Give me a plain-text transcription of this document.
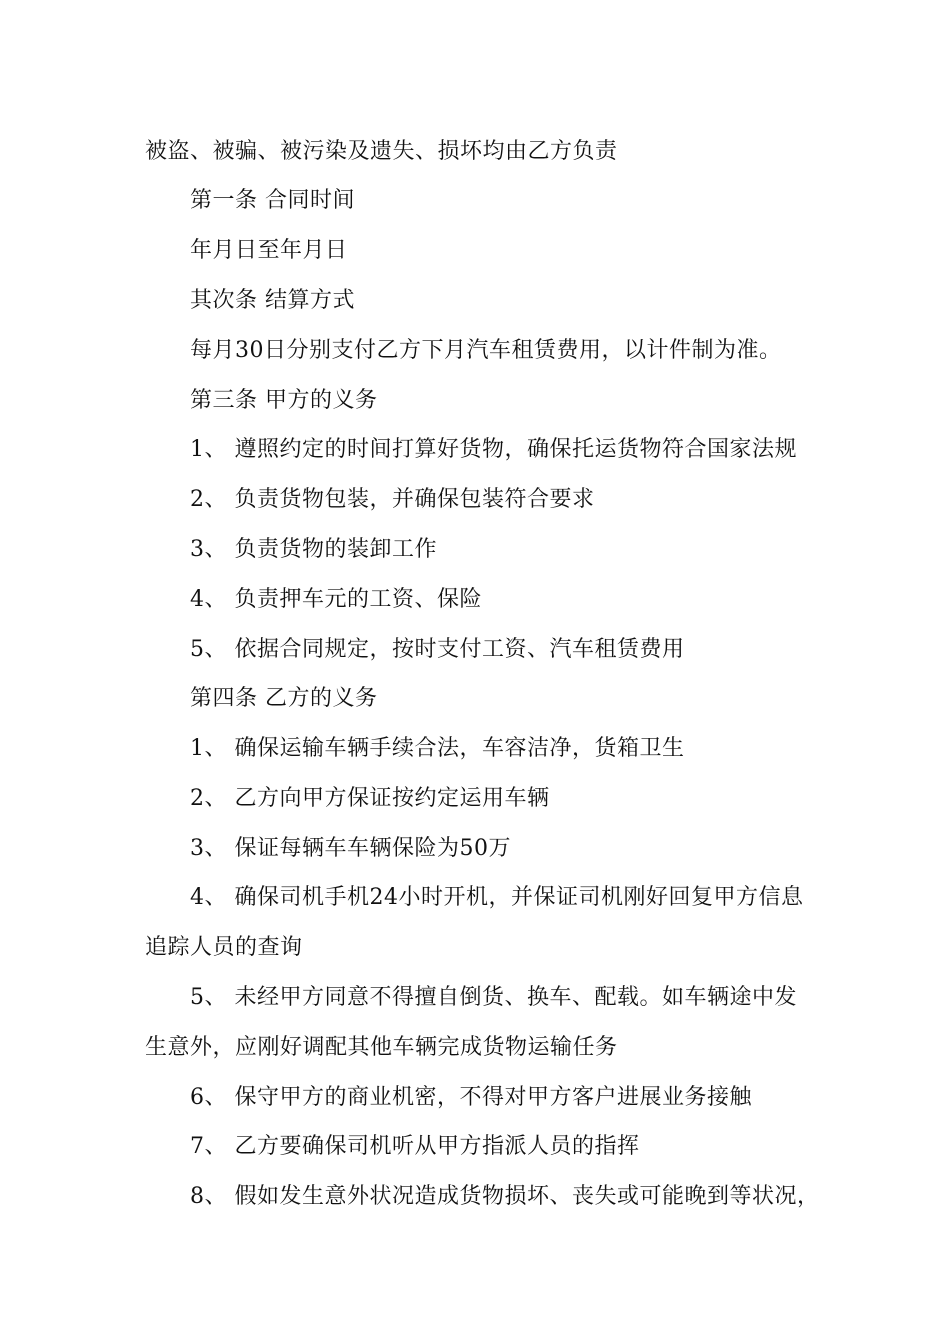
被盗、被骗、被污染及遗失、损坏均由乙方负责
第一条 合同时间
年月日至年月日
其次条 结算方式
每月30日分别支付乙方下月汽车租赁费用，以计件制为准。
第三条 甲方的义务
1、 遵照约定的时间打算好货物，确保托运货物符合国家法规
2、 负责货物包装，并确保包装符合要求
3、 负责货物的装卸工作
4、 负责押车元的工资、保险
5、 依据合同规定，按时支付工资、汽车租赁费用
第四条 乙方的义务
1、 确保运输车辆手续合法，车容洁净，货箱卫生
2、 乙方向甲方保证按约定运用车辆
3、 保证每辆车车辆保险为50万
4、 确保司机手机24小时开机，并保证司机刚好回复甲方信息
追踪人员的查询
5、 未经甲方同意不得擅自倒货、换车、配载。如车辆途中发
生意外，应刚好调配其他车辆完成货物运输任务
6、 保守甲方的商业机密，不得对甲方客户进展业务接触
7、 乙方要确保司机听从甲方指派人员的指挥
8、 假如发生意外状况造成货物损坏、丧失或可能晚到等状况，
